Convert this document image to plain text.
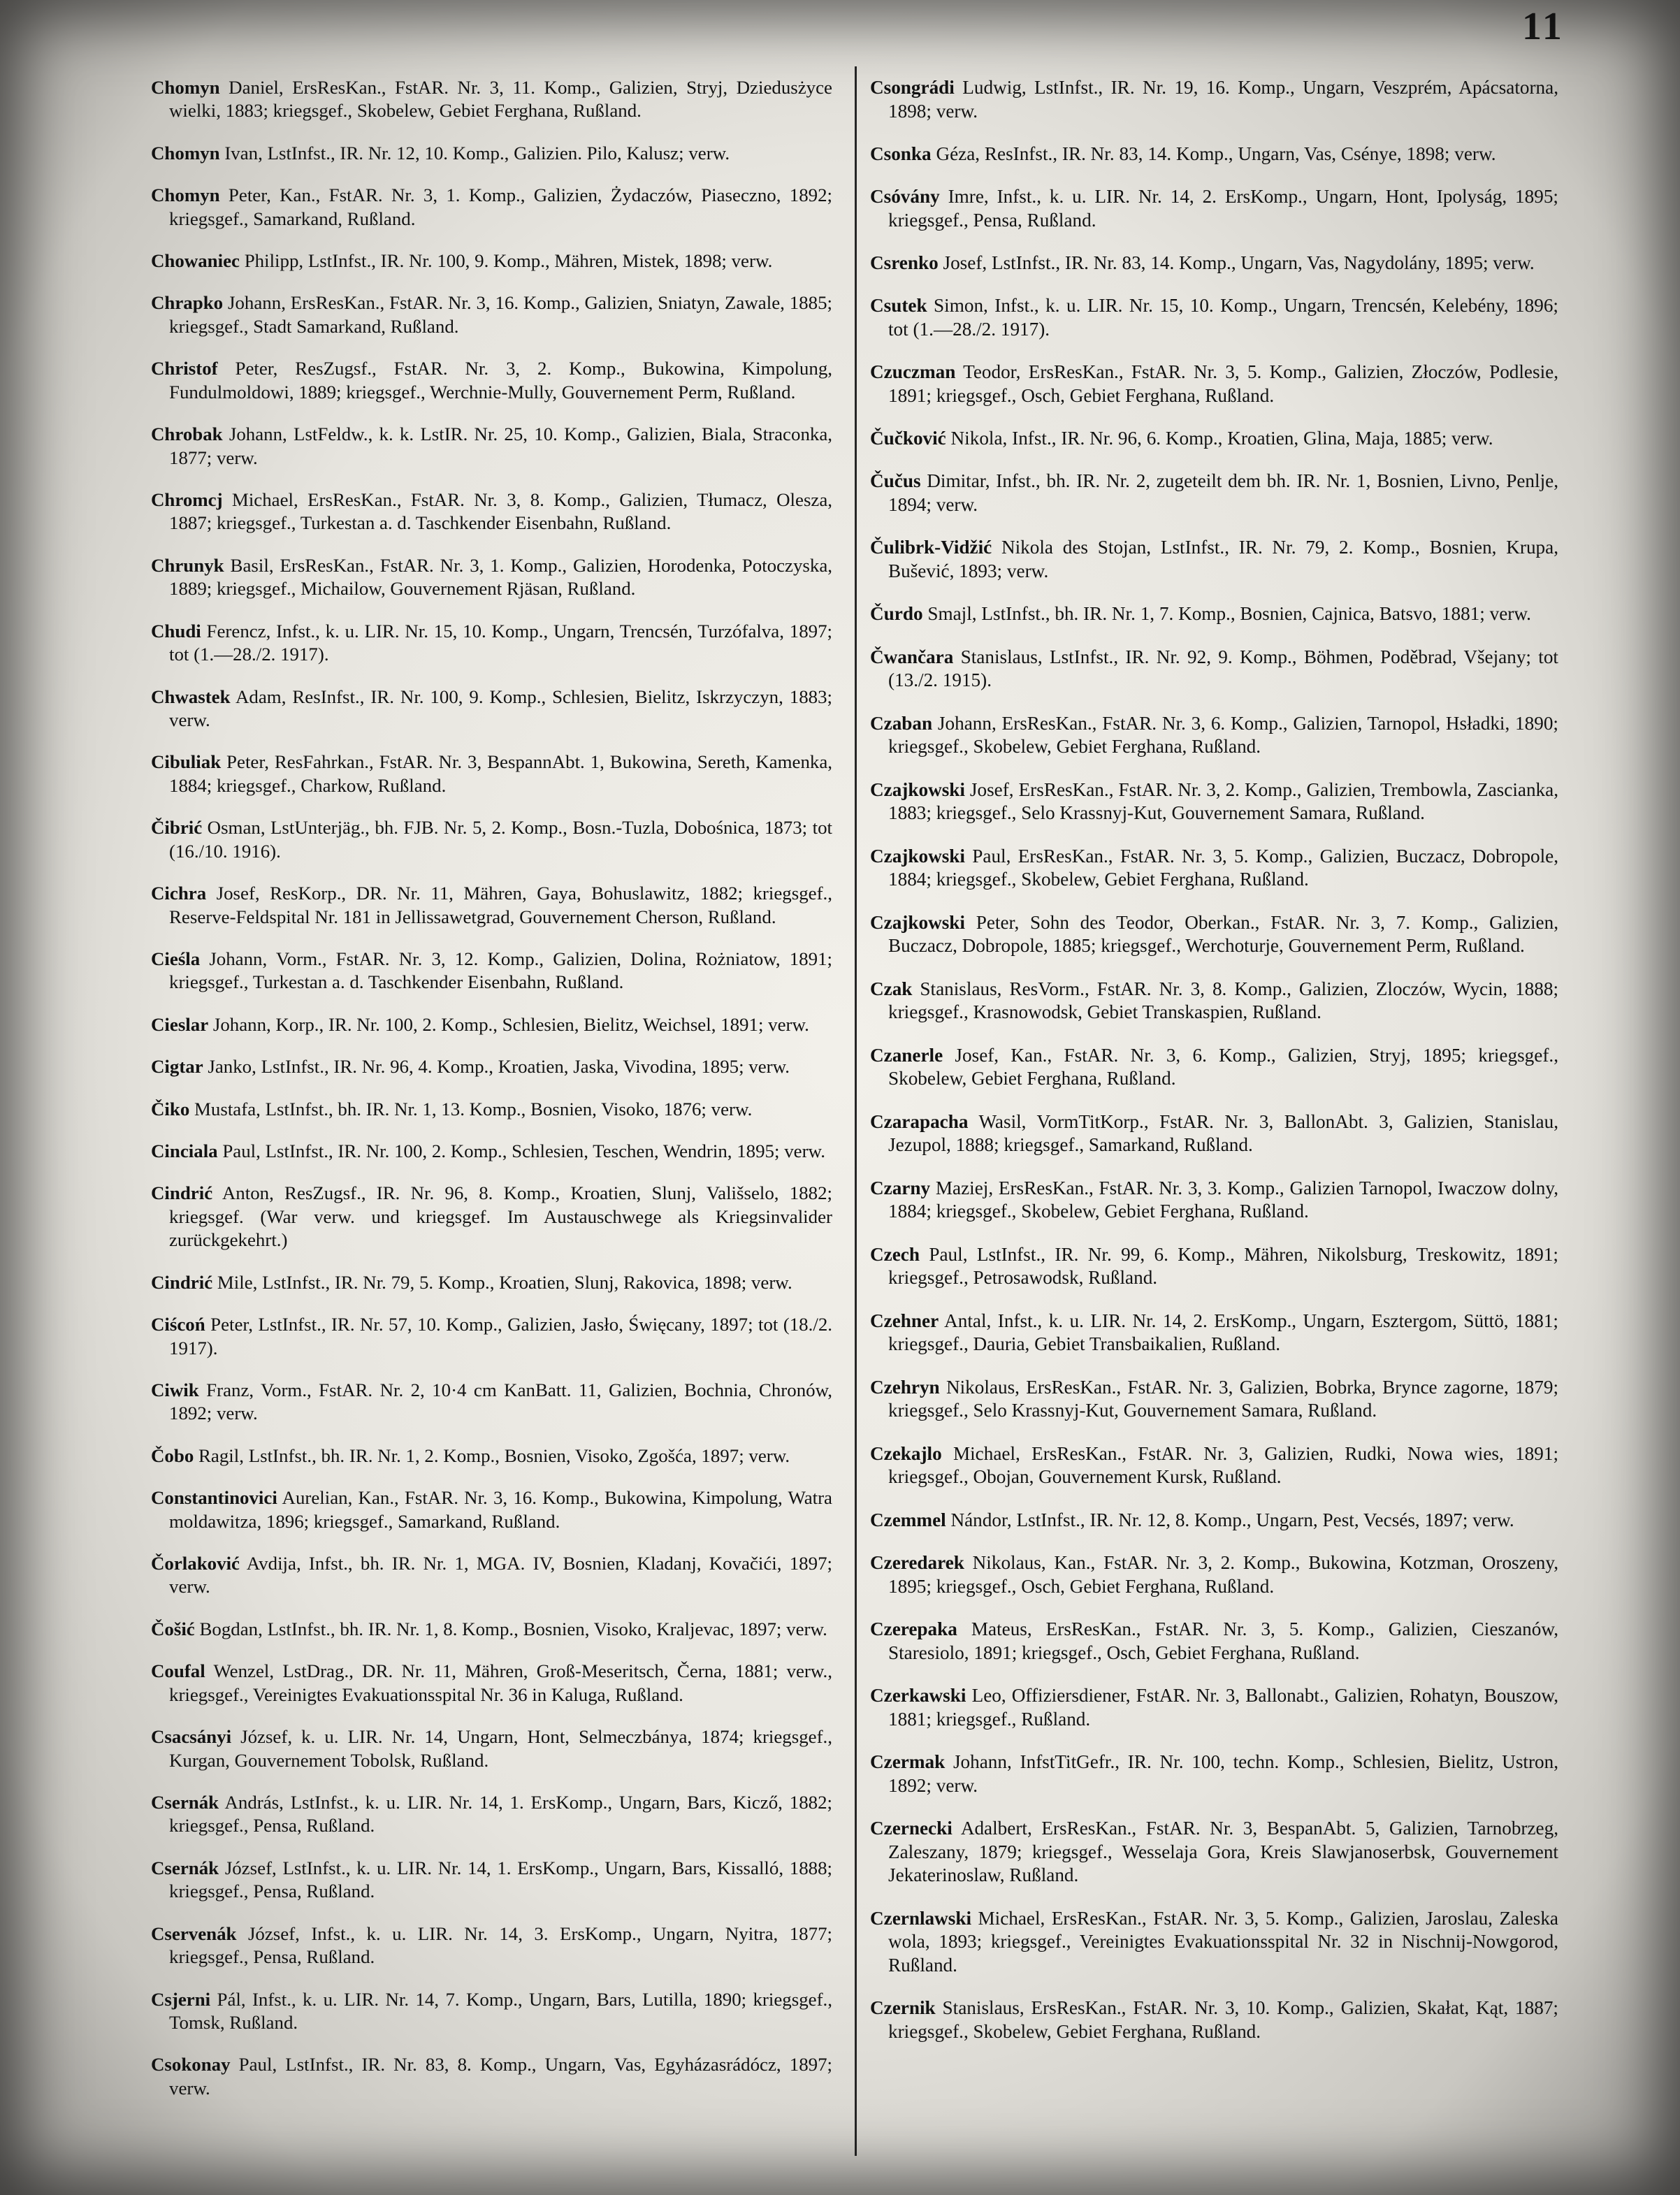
11

Chomyn Daniel, ErsResKan., FstAR. Nr. 3, 11. Komp., Galizien, Stryj, Dziedusżyce wielki, 1883; kriegsgef., Skobelew, Gebiet Ferghana, Rußland.

Chomyn Ivan, LstInfst., IR. Nr. 12, 10. Komp., Galizien. Pilo, Kalusz; verw.

Chomyn Peter, Kan., FstAR. Nr. 3, 1. Komp., Galizien, Żydaczów, Piaseczno, 1892; kriegsgef., Samarkand, Rußland.

Chowaniec Philipp, LstInfst., IR. Nr. 100, 9. Komp., Mähren, Mistek, 1898; verw.

Chrapko Johann, ErsResKan., FstAR. Nr. 3, 16. Komp., Galizien, Sniatyn, Zawale, 1885; kriegsgef., Stadt Samarkand, Rußland.

Christof Peter, ResZugsf., FstAR. Nr. 3, 2. Komp., Bukowina, Kimpolung, Fundulmoldowi, 1889; kriegsgef., Werchnie-Mully, Gouvernement Perm, Rußland.

Chrobak Johann, LstFeldw., k. k. LstIR. Nr. 25, 10. Komp., Galizien, Biala, Straconka, 1877; verw.

Chromcj Michael, ErsResKan., FstAR. Nr. 3, 8. Komp., Galizien, Tłumacz, Olesza, 1887; kriegsgef., Turkestan a. d. Taschkender Eisenbahn, Rußland.

Chrunyk Basil, ErsResKan., FstAR. Nr. 3, 1. Komp., Galizien, Horodenka, Potoczyska, 1889; kriegsgef., Michailow, Gouvernement Rjäsan, Rußland.

Chudi Ferencz, Infst., k. u. LIR. Nr. 15, 10. Komp., Ungarn, Trencsén, Turzófalva, 1897; tot (1.—28./2. 1917).

Chwastek Adam, ResInfst., IR. Nr. 100, 9. Komp., Schlesien, Bielitz, Iskrzyczyn, 1883; verw.

Cibuliak Peter, ResFahrkan., FstAR. Nr. 3, BespannAbt. 1, Bukowina, Sereth, Kamenka, 1884; kriegsgef., Charkow, Rußland.

Čibrić Osman, LstUnterjäg., bh. FJB. Nr. 5, 2. Komp., Bosn.-Tuzla, Dobośnica, 1873; tot (16./10. 1916).

Cichra Josef, ResKorp., DR. Nr. 11, Mähren, Gaya, Bohuslawitz, 1882; kriegsgef., Reserve-Feldspital Nr. 181 in Jellissawetgrad, Gouvernement Cherson, Rußland.

Cieśla Johann, Vorm., FstAR. Nr. 3, 12. Komp., Galizien, Dolina, Rożniatow, 1891; kriegsgef., Turkestan a. d. Taschkender Eisenbahn, Rußland.

Cieslar Johann, Korp., IR. Nr. 100, 2. Komp., Schlesien, Bielitz, Weichsel, 1891; verw.

Cigtar Janko, LstInfst., IR. Nr. 96, 4. Komp., Kroatien, Jaska, Vivodina, 1895; verw.

Čiko Mustafa, LstInfst., bh. IR. Nr. 1, 13. Komp., Bosnien, Visoko, 1876; verw.

Cinciala Paul, LstInfst., IR. Nr. 100, 2. Komp., Schlesien, Teschen, Wendrin, 1895; verw.

Cindrić Anton, ResZugsf., IR. Nr. 96, 8. Komp., Kroatien, Slunj, Vališselo, 1882; kriegsgef. (War verw. und kriegsgef. Im Austauschwege als Kriegsinvalider zurückgekehrt.)

Cindrić Mile, LstInfst., IR. Nr. 79, 5. Komp., Kroatien, Slunj, Rakovica, 1898; verw.

Ciścoń Peter, LstInfst., IR. Nr. 57, 10. Komp., Galizien, Jasło, Święcany, 1897; tot (18./2. 1917).

Ciwik Franz, Vorm., FstAR. Nr. 2, 10·4 cm KanBatt. 11, Galizien, Bochnia, Chronów, 1892; verw.

Čobo Ragil, LstInfst., bh. IR. Nr. 1, 2. Komp., Bosnien, Visoko, Zgošća, 1897; verw.

Constantinovici Aurelian, Kan., FstAR. Nr. 3, 16. Komp., Bukowina, Kimpolung, Watra moldawitza, 1896; kriegsgef., Samarkand, Rußland.

Čorlaković Avdija, Infst., bh. IR. Nr. 1, MGA. IV, Bosnien, Kladanj, Kovačići, 1897; verw.

Čošić Bogdan, LstInfst., bh. IR. Nr. 1, 8. Komp., Bosnien, Visoko, Kraljevac, 1897; verw.

Coufal Wenzel, LstDrag., DR. Nr. 11, Mähren, Groß-Meseritsch, Černa, 1881; verw., kriegsgef., Vereinigtes Evakuationsspital Nr. 36 in Kaluga, Rußland.

Csacsányi József, k. u. LIR. Nr. 14, Ungarn, Hont, Selmeczbánya, 1874; kriegsgef., Kurgan, Gouvernement Tobolsk, Rußland.

Csernák András, LstInfst., k. u. LIR. Nr. 14, 1. ErsKomp., Ungarn, Bars, Kicző, 1882; kriegsgef., Pensa, Rußland.

Csernák József, LstInfst., k. u. LIR. Nr. 14, 1. ErsKomp., Ungarn, Bars, Kissalló, 1888; kriegsgef., Pensa, Rußland.

Cservenák József, Infst., k. u. LIR. Nr. 14, 3. ErsKomp., Ungarn, Nyitra, 1877; kriegsgef., Pensa, Rußland.

Csjerni Pál, Infst., k. u. LIR. Nr. 14, 7. Komp., Ungarn, Bars, Lutilla, 1890; kriegsgef., Tomsk, Rußland.

Csokonay Paul, LstInfst., IR. Nr. 83, 8. Komp., Ungarn, Vas, Egyházasrádócz, 1897; verw.

Csongrádi Ludwig, LstInfst., IR. Nr. 19, 16. Komp., Ungarn, Veszprém, Apácsatorna, 1898; verw.

Csonka Géza, ResInfst., IR. Nr. 83, 14. Komp., Ungarn, Vas, Csénye, 1898; verw.

Csóvány Imre, Infst., k. u. LIR. Nr. 14, 2. ErsKomp., Ungarn, Hont, Ipolyság, 1895; kriegsgef., Pensa, Rußland.

Csrenko Josef, LstInfst., IR. Nr. 83, 14. Komp., Ungarn, Vas, Nagydolány, 1895; verw.

Csutek Simon, Infst., k. u. LIR. Nr. 15, 10. Komp., Ungarn, Trencsén, Kelebény, 1896; tot (1.—28./2. 1917).

Czuczman Teodor, ErsResKan., FstAR. Nr. 3, 5. Komp., Galizien, Złoczów, Podlesie, 1891; kriegsgef., Osch, Gebiet Ferghana, Rußland.

Čučković Nikola, Infst., IR. Nr. 96, 6. Komp., Kroatien, Glina, Maja, 1885; verw.

Čučus Dimitar, Infst., bh. IR. Nr. 2, zugeteilt dem bh. IR. Nr. 1, Bosnien, Livno, Penlje, 1894; verw.

Čulibrk-Vidžić Nikola des Stojan, LstInfst., IR. Nr. 79, 2. Komp., Bosnien, Krupa, Bušević, 1893; verw.

Čurdo Smajl, LstInfst., bh. IR. Nr. 1, 7. Komp., Bosnien, Cajnica, Batsvo, 1881; verw.

Čwančara Stanislaus, LstInfst., IR. Nr. 92, 9. Komp., Böhmen, Poděbrad, Všejany; tot (13./2. 1915).

Czaban Johann, ErsResKan., FstAR. Nr. 3, 6. Komp., Galizien, Tarnopol, Hsładki, 1890; kriegsgef., Skobelew, Gebiet Ferghana, Rußland.

Czajkowski Josef, ErsResKan., FstAR. Nr. 3, 2. Komp., Galizien, Trembowla, Zascianka, 1883; kriegsgef., Selo Krassnyj-Kut, Gouvernement Samara, Rußland.

Czajkowski Paul, ErsResKan., FstAR. Nr. 3, 5. Komp., Galizien, Buczacz, Dobropole, 1884; kriegsgef., Skobelew, Gebiet Ferghana, Rußland.

Czajkowski Peter, Sohn des Teodor, Oberkan., FstAR. Nr. 3, 7. Komp., Galizien, Buczacz, Dobropole, 1885; kriegsgef., Werchoturje, Gouvernement Perm, Rußland.

Czak Stanislaus, ResVorm., FstAR. Nr. 3, 8. Komp., Galizien, Zloczów, Wycin, 1888; kriegsgef., Krasnowodsk, Gebiet Transkaspien, Rußland.

Czanerle Josef, Kan., FstAR. Nr. 3, 6. Komp., Galizien, Stryj, 1895; kriegsgef., Skobelew, Gebiet Ferghana, Rußland.

Czarapacha Wasil, VormTitKorp., FstAR. Nr. 3, BallonAbt. 3, Galizien, Stanislau, Jezupol, 1888; kriegsgef., Samarkand, Rußland.

Czarny Maziej, ErsResKan., FstAR. Nr. 3, 3. Komp., Galizien Tarnopol, Iwaczow dolny, 1884; kriegsgef., Skobelew, Gebiet Ferghana, Rußland.

Czech Paul, LstInfst., IR. Nr. 99, 6. Komp., Mähren, Nikolsburg, Treskowitz, 1891; kriegsgef., Petrosawodsk, Rußland.

Czehner Antal, Infst., k. u. LIR. Nr. 14, 2. ErsKomp., Ungarn, Esztergom, Süttö, 1881; kriegsgef., Dauria, Gebiet Transbaikalien, Rußland.

Czehryn Nikolaus, ErsResKan., FstAR. Nr. 3, Galizien, Bobrka, Brynce zagorne, 1879; kriegsgef., Selo Krassnyj-Kut, Gouvernement Samara, Rußland.

Czekajlo Michael, ErsResKan., FstAR. Nr. 3, Galizien, Rudki, Nowa wies, 1891; kriegsgef., Obojan, Gouvernement Kursk, Rußland.

Czemmel Nándor, LstInfst., IR. Nr. 12, 8. Komp., Ungarn, Pest, Vecsés, 1897; verw.

Czeredarek Nikolaus, Kan., FstAR. Nr. 3, 2. Komp., Bukowina, Kotzman, Oroszeny, 1895; kriegsgef., Osch, Gebiet Ferghana, Rußland.

Czerepaka Mateus, ErsResKan., FstAR. Nr. 3, 5. Komp., Galizien, Cieszanów, Staresiolo, 1891; kriegsgef., Osch, Gebiet Ferghana, Rußland.

Czerkawski Leo, Offiziersdiener, FstAR. Nr. 3, Ballonabt., Galizien, Rohatyn, Bouszow, 1881; kriegsgef., Rußland.

Czermak Johann, InfstTitGefr., IR. Nr. 100, techn. Komp., Schlesien, Bielitz, Ustron, 1892; verw.

Czernecki Adalbert, ErsResKan., FstAR. Nr. 3, BespanAbt. 5, Galizien, Tarnobrzeg, Zaleszany, 1879; kriegsgef., Wesselaja Gora, Kreis Slawjanoserbsk, Gouvernement Jekaterinoslaw, Rußland.

Czernlawski Michael, ErsResKan., FstAR. Nr. 3, 5. Komp., Galizien, Jaroslau, Zaleska wola, 1893; kriegsgef., Vereinigtes Evakuationsspital Nr. 32 in Nischnij-Nowgorod, Rußland.

Czernik Stanislaus, ErsResKan., FstAR. Nr. 3, 10. Komp., Galizien, Skałat, Kąt, 1887; kriegsgef., Skobelew, Gebiet Ferghana, Rußland.
